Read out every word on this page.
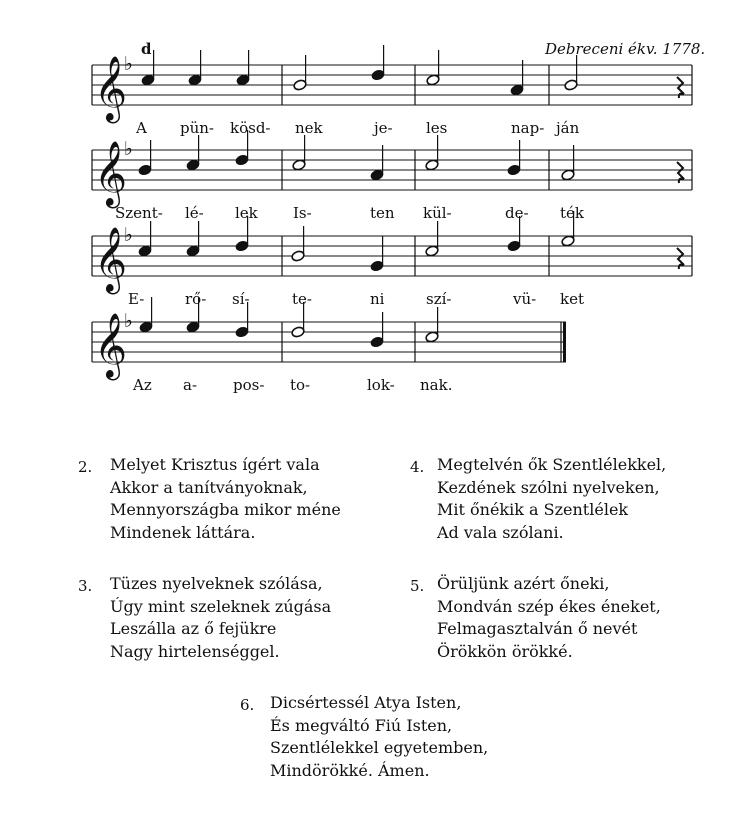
d	Debreceni ékv. 1778.
𝄞
♭
𝄞
♭
𝄞
♭
𝄞
♭
A pün- kösd- nek	je- les	nap- ján
Szent- lé- lek Is-	ten kül-	de- ték
E-	rő- sí-	te-	ni	szí-	vü- ket
Az a- pos- to-	lok- nak.
2. Melyet Krisztus ígért vala
Akkor a tanítványoknak,
Mennyországba mikor méne
Mindenek láttára.
4. Megtelvén ők Szentlélekkel,
Kezdének szólni nyelveken,
Mit őnékik a Szentlélek
Ad vala szólani.
3. Tüzes nyelveknek szólása,
Úgy mint szeleknek zúgása
Leszálla az ő fejükre
Nagy hirtelenséggel.
5. Örüljünk azért őneki,
Mondván szép ékes éneket,
Felmagasztalván ő nevét
Örökkön örökké.
6. Dicsértessél Atya Isten,
És megváltó Fiú Isten,
Szentlélekkel egyetemben,
Mindörökké. Ámen.
